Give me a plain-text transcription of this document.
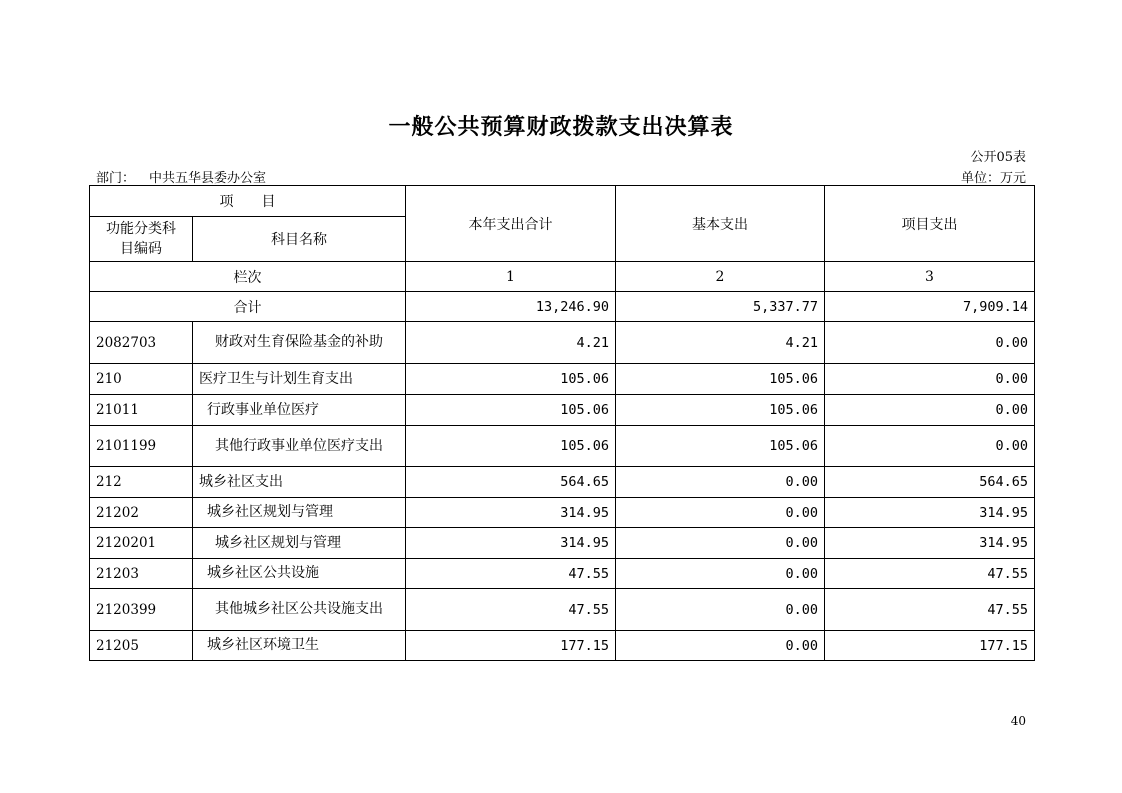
一般公共预算财政拨款支出决算表
公开05表
部门： 中共五华县委办公室	单位：万元
项　　目		本年支出合计	基本支出	项目支出
功能分类科目编码	科目名称			
栏次		1	2	3
合计		13,246.90	5,337.77	7,909.14
2082703	财政对生育保险基金的补助	4.21	4.21	0.00
210	医疗卫生与计划生育支出	105.06	105.06	0.00
21011	行政事业单位医疗	105.06	105.06	0.00
2101199	其他行政事业单位医疗支出	105.06	105.06	0.00
212	城乡社区支出	564.65	0.00	564.65
21202	城乡社区规划与管理	314.95	0.00	314.95
2120201	城乡社区规划与管理	314.95	0.00	314.95
21203	城乡社区公共设施	47.55	0.00	47.55
2120399	其他城乡社区公共设施支出	47.55	0.00	47.55
21205	城乡社区环境卫生	177.15	0.00	177.15
40
